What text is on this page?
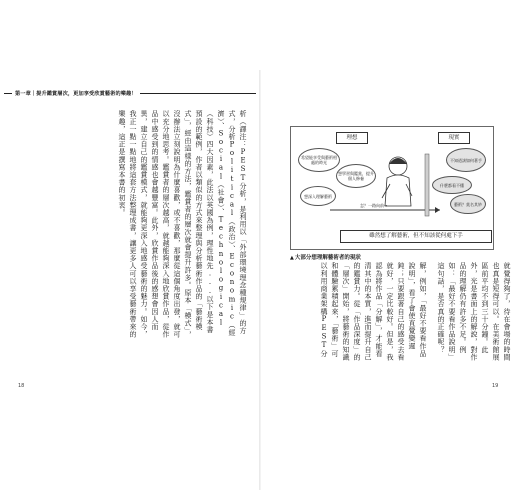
第一章｜提升鑑賞層次，更加享受欣賞藝術的樂趣！
析（譯注：PEST分析，是利用以「外部環境理念種規律」的方式，分析Political（政治）、Economic（經濟）、Social（社會）、Technological（科技）四大因素，此法以英國為例，理性地先...以下是本書預設的範例，作者以類似的方式來整理與分析藝術作品的「藝術模式」，經由這樣的方法，鑑賞者的層次就會提升許多。原本「模式」，沒辦法立刻說明為什麼喜歡，或不喜歡，那麼從這個角度出發，就可以充分地思考。鑑賞者的層次越高，就越能夠深入地欣賞作品，從作品中感受到的情感也會越豐富。此外，欣賞作品後的感想會因人而異，建立自己的鑑賞模式，就能夠更深入地感受藝術的魅力。如今，我正一點一點地將這套方法整理成書，讓更多人可以享受藝術帶來的樂趣，這正是撰寫本書的初衷。
18	19
理想	現實
希望能享受與藝術相處的時光
想學習與鑑賞，提升個人修養
想深入理解藝術
不知道該如何著手
什麼都看不懂
藝術？莫名其妙
怎？一路向前→
雖然想了解藝術，但不知該從何處下手
▲大部分想理解藝術者的現狀
就覺得夠了，待在會場的時間也真是短得可以。在美術館展區前平均不到三十分鐘。此外，光是書面上的解說，對作品的理解仍有許多不足。例如：「最好不要看作品說明」這句話，是否真的正確呢？
解，例如，「最好不要看作品說明」，看了會使直覺變遲鈍；只要跟著自己的感受去看就好，一定比較好。但是，我認為將作品「分解」，才能看清其中的本質，進而提升自己的鑑賞力。從「作品深度」的「層次」開始，將藝術的知識和體驗累積起來，「藝術」可以利用商業架構PEST分
